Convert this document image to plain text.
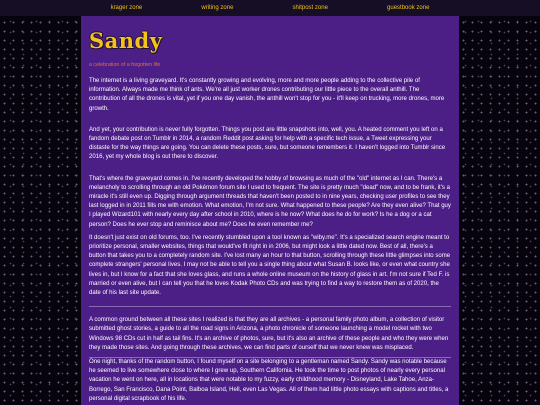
krager zone	writing zone	shitpost zone	guestbook zone
Sandy

a celebration of a forgotten life

The internet is a living graveyard. It's constantly growing and evolving, more and more people adding to the collective pile of information. Always made me think of ants. We're all just worker drones contributing our little piece to the overall anthill. The contribution of all the drones is vital, yet if you one day vanish, the anthill won't stop for you - it'll keep on trucking, more drones, more growth.

And yet, your contribution is never fully forgotten. Things you post are little snapshots into, well, you. A heated comment you left on a fandom debate post on Tumblr in 2014, a random Reddit post asking for help with a specific tech issue, a Tweet expressing your distaste for the way things are going. You can delete these posts, sure, but someone remembers it. I haven't logged into Tumblr since 2016, yet my whole blog is out there to discover.

That's where the graveyard comes in. I've recently developed the hobby of browsing as much of the "old" internet as I can. There's a melancholy to scrolling through an old Pokémon forum site I used to frequent. The site is pretty much "dead" now, and to be frank, it's a miracle it's still even up. Digging through argument threads that haven't been posted to in nine years, checking user profiles to see they last logged in in 2011 fills me with emotion. What emotion, I'm not sure. What happened to these people? Are they even alive? That guy I played Wizard101 with nearly every day after school in 2010, where is he now? What does he do for work? Is he a dog or a cat person? Does he ever stop and reminisce about me? Does he even remember me?

It doesn't just exist on old forums, too. I've recently stumbled upon a tool known as "wiby.me". It's a specialized search engine meant to prioritize personal, smaller websites, things that would've fit right in in 2006, but might look a little dated now. Best of all, there's a button that takes you to a completely random site. I've lost many an hour to that button, scrolling through these little glimpses into some complete strangers' personal lives. I may not be able to tell you a single thing about what Susan B. looks like, or even what country she lives in, but I know for a fact that she loves glass, and runs a whole online museum on the history of glass in art. I'm not sure if Ted F. is married or even alive, but I can tell you that he loves Kodak Photo CDs and was trying to find a way to restore them as of 2020, the date of his last site update.

A common ground between all these sites I realized is that they are all archives - a personal family photo album, a collection of visitor submitted ghost stories, a guide to all the road signs in Arizona, a photo chronicle of someone launching a model rocket with two Windows 98 CDs cut in half as tail fins. It's an archive of photos, sure, but it's also an archive of these people and who they were when they made those sites. And going through these archives, we can find parts of ourself that we never knew was misplaced.

One night, thanks of the random button, I found myself on a site belonging to a gentleman named Sandy. Sandy was notable because he seemed to live somewhere close to where I grew up, Southern California. He took the time to post photos of nearly every personal vacation he went on here, all in locations that were notable to my fuzzy, early childhood memory - Disneyland, Lake Tahoe, Anza-Borrego, San Francisco, Dana Point, Balboa Island, Hell, even Las Vegas. All of them had little photo essays with captions and titles, a personal digital scrapbook of his life.
